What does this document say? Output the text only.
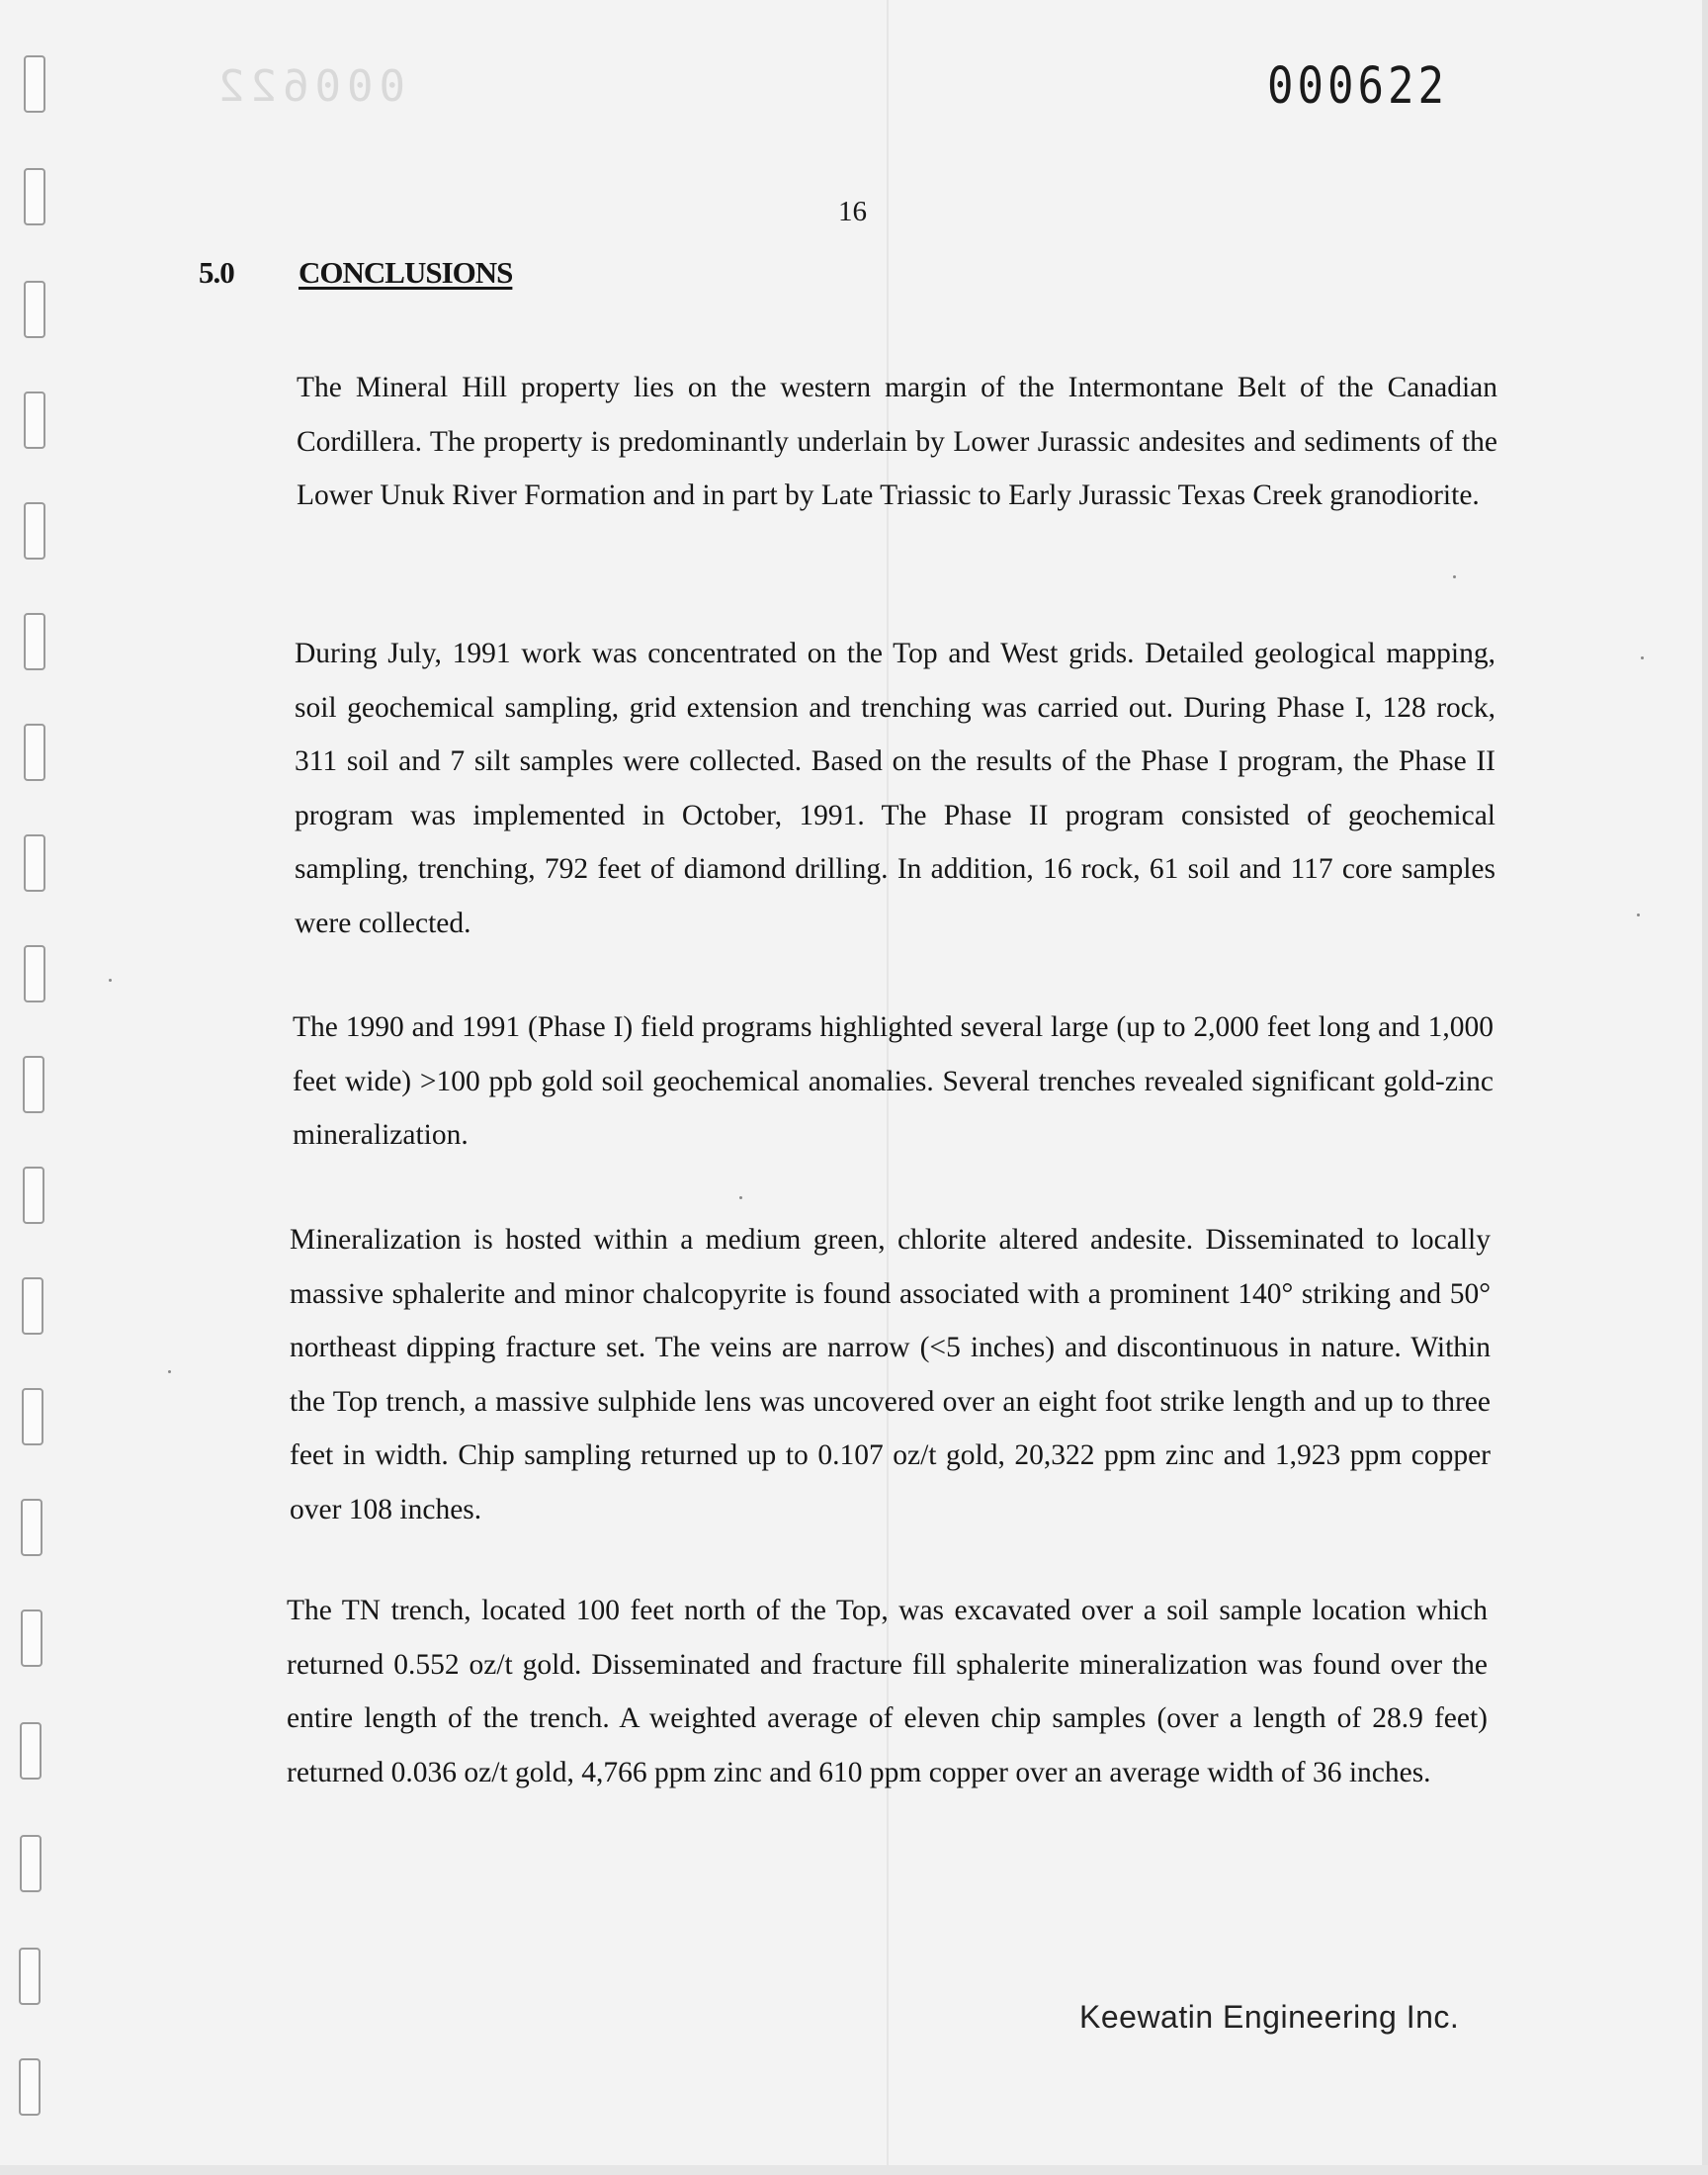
000622	000622
16
5.0 CONCLUSIONS

The Mineral Hill property lies on the western margin of the Intermontane Belt of the Canadian Cordillera. The property is predominantly underlain by Lower Jurassic andesites and sediments of the Lower Unuk River Formation and in part by Late Triassic to Early Jurassic Texas Creek granodiorite.

During July, 1991 work was concentrated on the Top and West grids. Detailed geological mapping, soil geochemical sampling, grid extension and trenching was carried out. During Phase I, 128 rock, 311 soil and 7 silt samples were collected. Based on the results of the Phase I program, the Phase II program was implemented in October, 1991. The Phase II program consisted of geochemical sampling, trenching, 792 feet of diamond drilling. In addition, 16 rock, 61 soil and 117 core samples were collected.

The 1990 and 1991 (Phase I) field programs highlighted several large (up to 2,000 feet long and 1,000 feet wide) >100 ppb gold soil geochemical anomalies. Several trenches revealed significant gold-zinc mineralization.

Mineralization is hosted within a medium green, chlorite altered andesite. Disseminated to locally massive sphalerite and minor chalcopyrite is found associated with a prominent 140° striking and 50° northeast dipping fracture set. The veins are narrow (<5 inches) and discontinuous in nature. Within the Top trench, a massive sulphide lens was uncovered over an eight foot strike length and up to three feet in width. Chip sampling returned up to 0.107 oz/t gold, 20,322 ppm zinc and 1,923 ppm copper over 108 inches.

The TN trench, located 100 feet north of the Top, was excavated over a soil sample location which returned 0.552 oz/t gold. Disseminated and fracture fill sphalerite mineralization was found over the entire length of the trench. A weighted average of eleven chip samples (over a length of 28.9 feet) returned 0.036 oz/t gold, 4,766 ppm zinc and 610 ppm copper over an average width of 36 inches.

Keewatin Engineering Inc.
